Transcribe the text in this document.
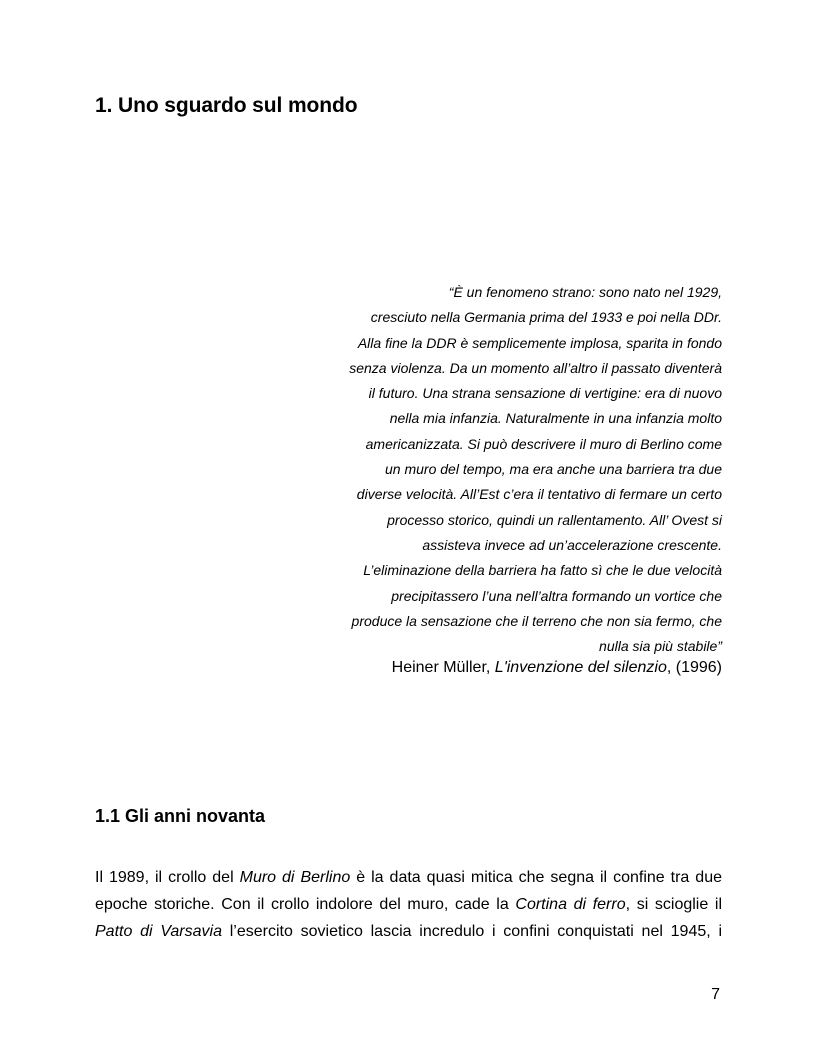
1. Uno sguardo sul mondo
“È un fenomeno strano: sono nato nel 1929,
cresciuto nella Germania prima del 1933 e poi nella DDr.
Alla fine la DDR è semplicemente implosa, sparita in fondo
senza violenza. Da un momento all’altro il passato diventerà
il futuro. Una strana sensazione di vertigine: era di nuovo
nella mia infanzia. Naturalmente in una infanzia molto
americanizzata. Si può descrivere il muro di Berlino come
un muro del tempo, ma era anche una barriera tra due
diverse velocità. All’Est c’era il tentativo di fermare un certo
processo storico, quindi un rallentamento. All’ Ovest si
assisteva invece ad un’accelerazione crescente.
L’eliminazione della barriera ha fatto sì che le due velocità
precipitassero l’una nell’altra formando un vortice che
produce la sensazione che il terreno che non sia fermo, che
nulla sia più stabile”
Heiner Müller, L'invenzione del silenzio, (1996)
1.1 Gli anni novanta
Il 1989, il crollo del Muro di Berlino è la data quasi mitica che segna il confine tra due
epoche storiche. Con il crollo indolore del muro, cade la Cortina di ferro, si scioglie il
Patto di Varsavia l’esercito sovietico lascia incredulo i confini conquistati nel 1945, i
7
